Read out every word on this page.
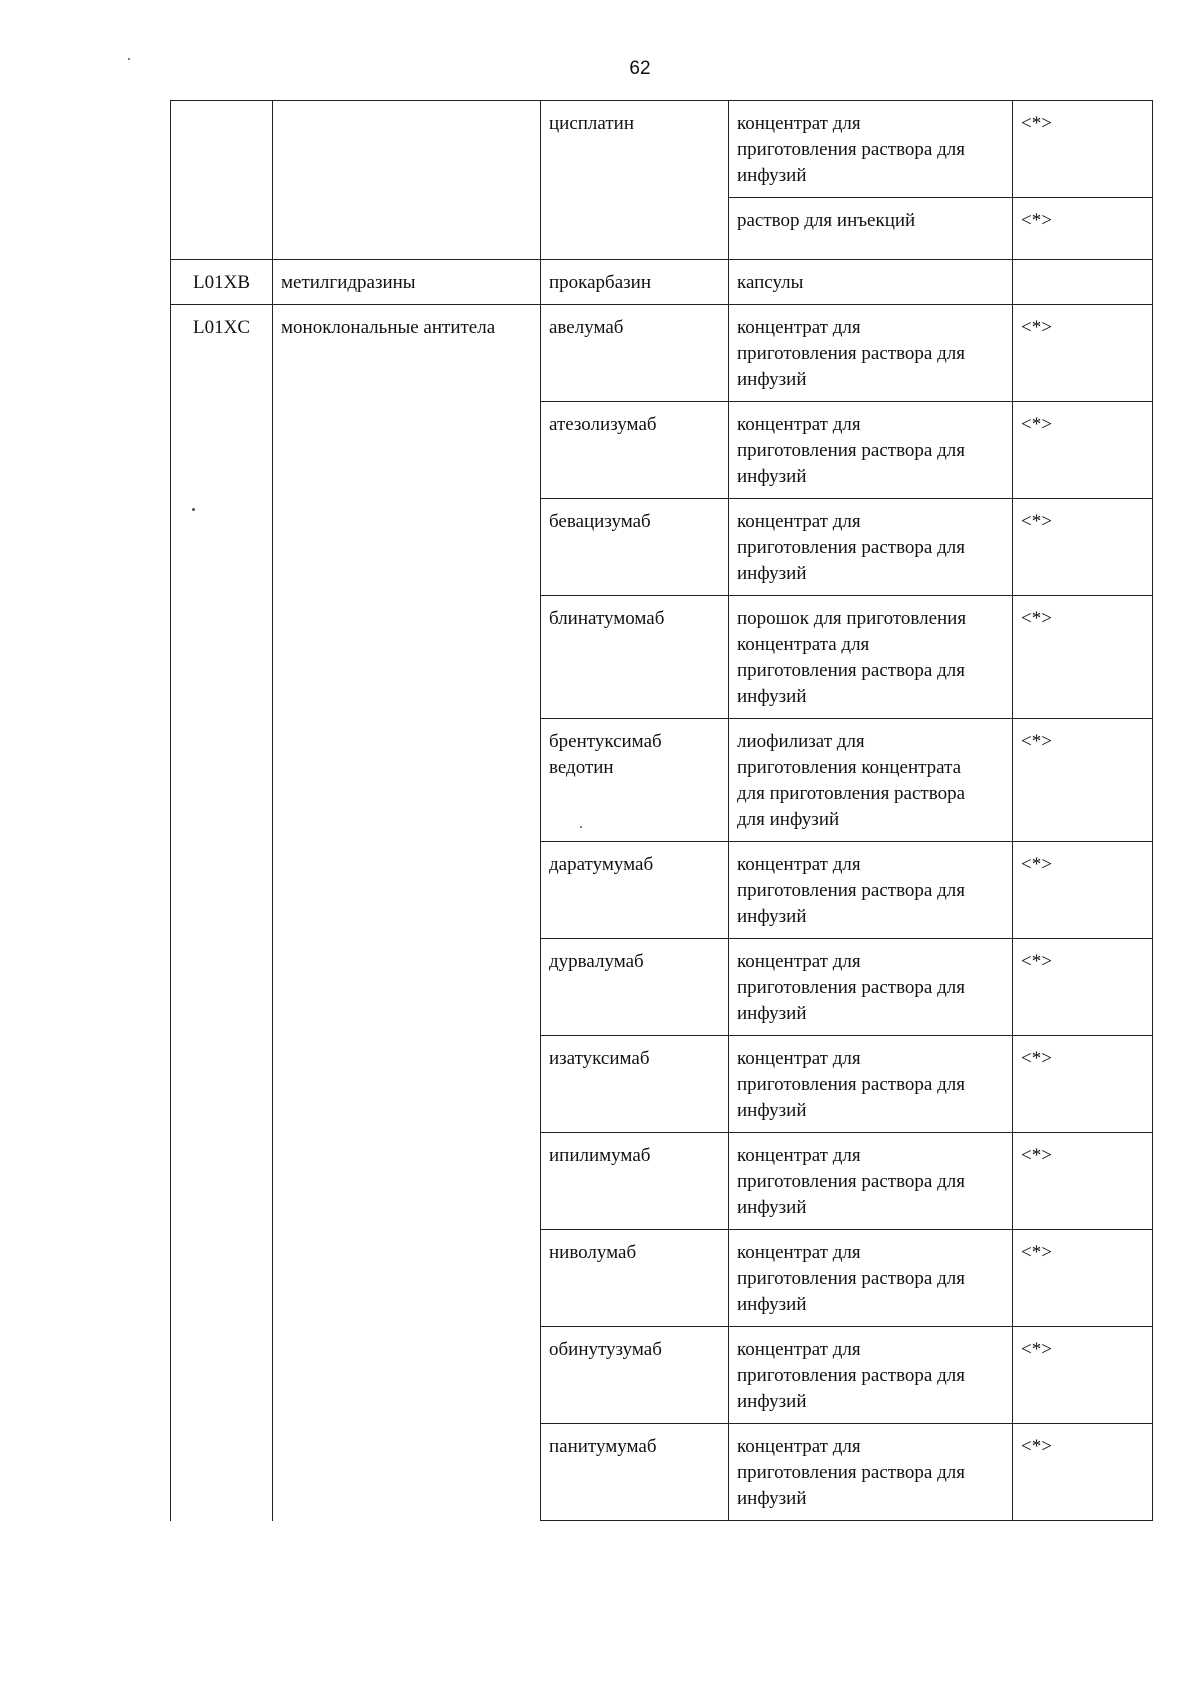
62
		цисплатин	концентрат для
приготовления раствора для
инфузий	<*>
			раствор для инъекций	<*>
L01XB	метилгидразины	прокарбазин	капсулы	
L01XC	моноклональные антитела	авелумаб	концентрат для
приготовления раствора для
инфузий	<*>
		атезолизумаб	концентрат для
приготовления раствора для
инфузий	<*>
		бевацизумаб	концентрат для
приготовления раствора для
инфузий	<*>
		блинатумомаб	порошок для приготовления
концентрата для
приготовления раствора для
инфузий	<*>
		брентуксимаб
ведотин	лиофилизат для
приготовления концентрата
для приготовления раствора
для инфузий	<*>
		даратумумаб	концентрат для
приготовления раствора для
инфузий	<*>
		дурвалумаб	концентрат для
приготовления раствора для
инфузий	<*>
		изатуксимаб	концентрат для
приготовления раствора для
инфузий	<*>
		ипилимумаб	концентрат для
приготовления раствора для
инфузий	<*>
		ниволумаб	концентрат для
приготовления раствора для
инфузий	<*>
		обинутузумаб	концентрат для
приготовления раствора для
инфузий	<*>
		панитумумаб	концентрат для
приготовления раствора для
инфузий	<*>
